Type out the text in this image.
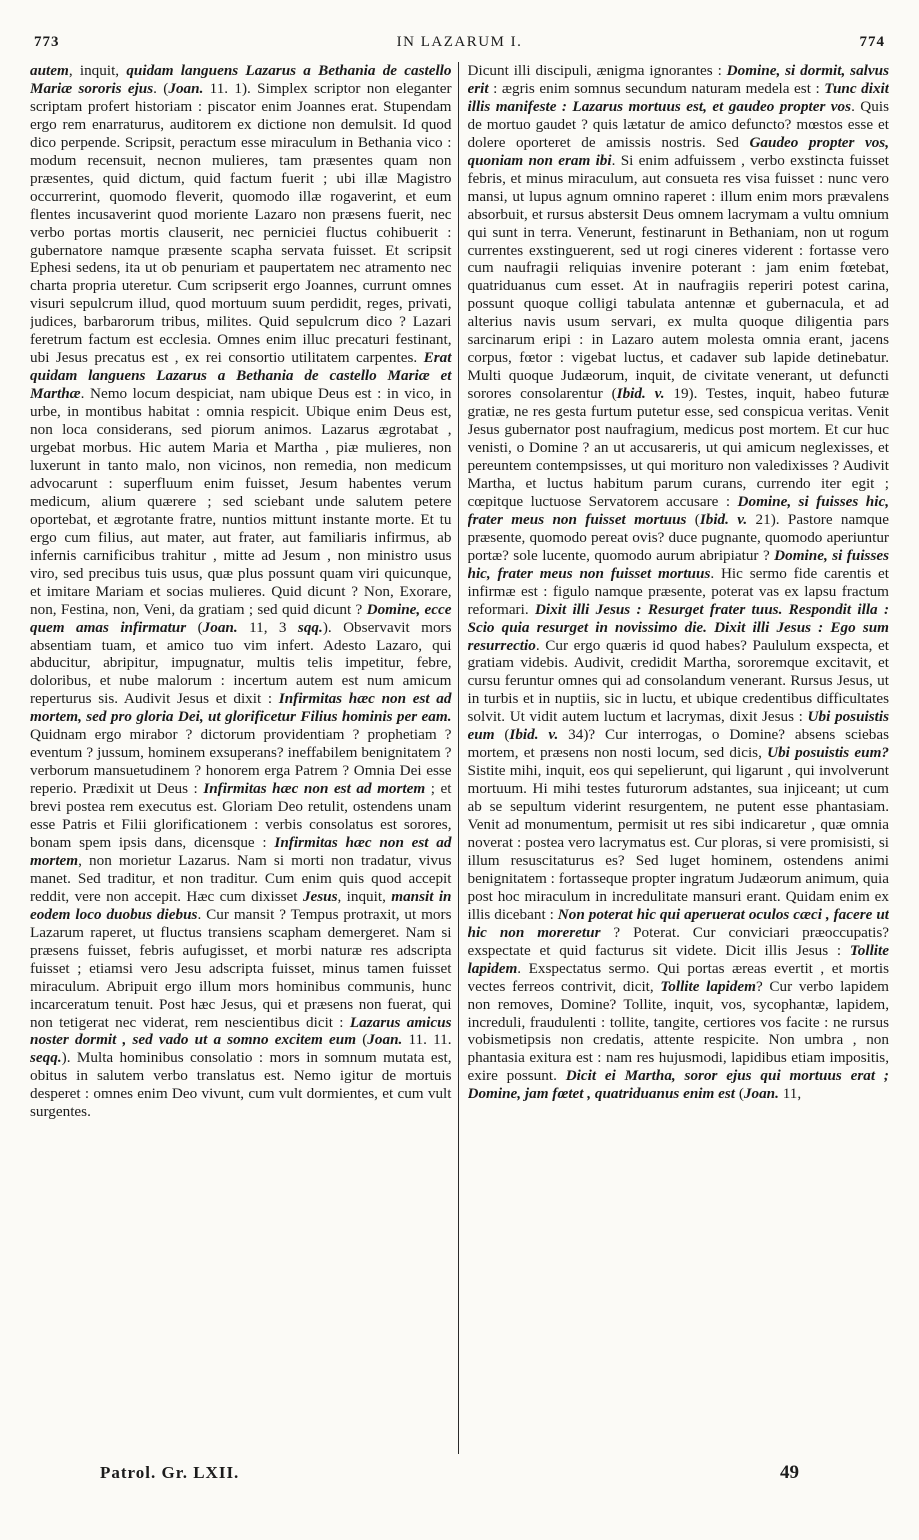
773	IN LAZARUM I.	774

autem, inquit, quidam languens Lazarus a Bethania de castello Mariæ sororis ejus. (Joan. 11. 1). Simplex scriptor non eleganter scriptam profert historiam : piscator enim Joannes erat. Stupendam ergo rem enarraturus, auditorem ex dictione non demulsit. Id quod dico perpende. Scripsit, peractum esse miraculum in Bethania vico : modum recensuit, necnon mulieres, tam præsentes quam non præsentes, quid dictum, quid factum fuerit ; ubi illæ Magistro occurrerint, quomodo fleverit, quomodo illæ rogaverint, et eum flentes incusaverint quod moriente Lazaro non præsens fuerit, nec verbo portas mortis clauserit, nec perniciei fluctus cohibuerit : gubernatore namque præsente scapha servata fuisset. Et scripsit Ephesi sedens, ita ut ob penuriam et paupertatem nec atramento nec charta propria uteretur. Cum scripserit ergo Joannes, currunt omnes visuri sepulcrum illud, quod mortuum suum perdidit, reges, privati, judices, barbarorum tribus, milites. Quid sepulcrum dico ? Lazari feretrum factum est ecclesia. Omnes enim illuc precaturi festinant, ubi Jesus precatus est , ex rei consortio utilitatem carpentes. Erat quidam languens Lazarus a Bethania de castello Mariæ et Marthæ. Nemo locum despiciat, nam ubique Deus est : in vico, in urbe, in montibus habitat : omnia respicit. Ubique enim Deus est, non loca considerans, sed piorum animos. Lazarus ægrotabat , urgebat morbus. Hic autem Maria et Martha , piæ mulieres, non luxerunt in tanto malo, non vicinos, non remedia, non medicum advocarunt : superfluum enim fuisset, Jesum habentes verum medicum, alium quærere ; sed sciebant unde salutem petere oportebat, et ægrotante fratre, nuntios mittunt instante morte. Et tu ergo cum filius, aut mater, aut frater, aut familiaris infirmus, ab infernis carnificibus trahitur , mitte ad Jesum , non ministro usus viro, sed precibus tuis usus, quæ plus possunt quam viri quicunque, et imitare Mariam et socias mulieres. Quid dicunt ? Non, Exorare, non, Festina, non, Veni, da gratiam ; sed quid dicunt ? Domine, ecce quem amas infirmatur (Joan. 11, 3 sqq.). Observavit mors absentiam tuam, et amico tuo vim infert. Adesto Lazaro, qui abducitur, abripitur, impugnatur, multis telis impetitur, febre, doloribus, et nube malorum : incertum autem est num amicum reperturus sis. Audivit Jesus et dixit : Infirmitas hæc non est ad mortem, sed pro gloria Dei, ut glorificetur Filius hominis per eam. Quidnam ergo mirabor ? dictorum providentiam ? prophetiam ? eventum ? jussum, hominem exsuperans? ineffabilem benignitatem ? verborum mansuetudinem ? honorem erga Patrem ? Omnia Dei esse reperio. Prædixit ut Deus : Infirmitas hæc non est ad mortem ; et brevi postea rem executus est. Gloriam Deo retulit, ostendens unam esse Patris et Filii glorificationem : verbis consolatus est sorores, bonam spem ipsis dans, dicensque : Infirmitas hæc non est ad mortem, non morietur Lazarus. Nam si morti non tradatur, vivus manet. Sed traditur, et non traditur. Cum enim quis quod accepit reddit, vere non accepit. Hæc cum dixisset Jesus, inquit, mansit in eodem loco duobus diebus. Cur mansit ? Tempus protraxit, ut mors Lazarum raperet, ut fluctus transiens scapham demergeret. Nam si præsens fuisset, febris aufugisset, et morbi naturæ res adscripta fuisset ; etiamsi vero Jesu adscripta fuisset, minus tamen fuisset miraculum. Abripuit ergo illum mors hominibus communis, hunc incarceratum tenuit. Post hæc Jesus, qui et præsens non fuerat, qui non tetigerat nec viderat, rem nescientibus dicit : Lazarus amicus noster dormit , sed vado ut a somno excitem eum (Joan. 11. 11. seqq.). Multa hominibus consolatio : mors in somnum mutata est, obitus in salutem verbo translatus est. Nemo igitur de mortuis desperet : omnes enim Deo vivunt, cum vult dormientes, et cum vult surgentes.

Dicunt illi discipuli, ænigma ignorantes : Domine, si dormit, salvus erit : ægris enim somnus secundum naturam medela est : Tunc dixit illis manifeste : Lazarus mortuus est, et gaudeo propter vos. Quis de mortuo gaudet ? quis lætatur de amico defuncto? mœstos esse et dolere oporteret de amissis nostris. Sed Gaudeo propter vos, quoniam non eram ibi. Si enim adfuissem , verbo exstincta fuisset febris, et minus miraculum, aut consueta res visa fuisset : nunc vero mansi, ut lupus agnum omnino raperet : illum enim mors prævalens absorbuit, et rursus abstersit Deus omnem lacrymam a vultu omnium qui sunt in terra. Venerunt, festinarunt in Bethaniam, non ut rogum currentes exstinguerent, sed ut rogi cineres viderent : fortasse vero cum naufragii reliquias invenire poterant : jam enim fœtebat, quatriduanus cum esset. At in naufragiis reperiri potest carina, possunt quoque colligi tabulata antennæ et gubernacula, et ad alterius navis usum servari, ex multa quoque diligentia pars sarcinarum eripi : in Lazaro autem molesta omnia erant, jacens corpus, fœtor : vigebat luctus, et cadaver sub lapide detinebatur. Multi quoque Judæorum, inquit, de civitate venerant, ut defuncti sorores consolarentur (Ibid. v. 19). Testes, inquit, habeo futuræ gratiæ, ne res gesta furtum putetur esse, sed conspicua veritas. Venit Jesus gubernator post naufragium, medicus post mortem. Et cur huc venisti, o Domine ? an ut accusareris, ut qui amicum neglexisses, et pereuntem contempsisses, ut qui morituro non valedixisses ? Audivit Martha, et luctus habitum parum curans, currendo iter egit ; cœpitque luctuose Servatorem accusare : Domine, si fuisses hic, frater meus non fuisset mortuus (Ibid. v. 21). Pastore namque præsente, quomodo pereat ovis? duce pugnante, quomodo aperiuntur portæ? sole lucente, quomodo aurum abripiatur ? Domine, si fuisses hic, frater meus non fuisset mortuus. Hic sermo fide carentis et infirmæ est : figulo namque præsente, poterat vas ex lapsu fractum reformari. Dixit illi Jesus : Resurget frater tuus. Respondit illa : Scio quia resurget in novissimo die. Dixit illi Jesus : Ego sum resurrectio. Cur ergo quæris id quod habes? Paululum exspecta, et gratiam videbis. Audivit, credidit Martha, sororemque excitavit, et cursu feruntur omnes qui ad consolandum venerant. Rursus Jesus, ut in turbis et in nuptiis, sic in luctu, et ubique credentibus difficultates solvit. Ut vidit autem luctum et lacrymas, dixit Jesus : Ubi posuistis eum (Ibid. v. 34)? Cur interrogas, o Domine? absens sciebas mortem, et præsens non nosti locum, sed dicis, Ubi posuistis eum? Sistite mihi, inquit, eos qui sepelierunt, qui ligarunt , qui involverunt mortuum. Hi mihi testes futurorum adstantes, sua injiceant; ut cum ab se sepultum viderint resurgentem, ne putent esse phantasiam. Venit ad monumentum, permisit ut res sibi indicaretur , quæ omnia noverat : postea vero lacrymatus est. Cur ploras, si vere promisisti, si illum resuscitaturus es? Sed luget hominem, ostendens animi benignitatem : fortasseque propter ingratum Judæorum animum, quia post hoc miraculum in incredulitate mansuri erant. Quidam enim ex illis dicebant : Non poterat hic qui aperuerat oculos cæci , facere ut hic non moreretur ? Poterat. Cur conviciari præoccupatis? exspectate et quid facturus sit videte. Dicit illis Jesus : Tollite lapidem. Exspectatus sermo. Qui portas æreas evertit , et mortis vectes ferreos contrivit, dicit, Tollite lapidem? Cur verbo lapidem non removes, Domine? Tollite, inquit, vos, sycophantæ, lapidem, increduli, fraudulenti : tollite, tangite, certiores vos facite : ne rursus vobismetipsis non credatis, attente respicite. Non umbra , non phantasia exitura est : nam res hujusmodi, lapidibus etiam impositis, exire possunt. Dicit ei Martha, soror ejus qui mortuus erat ; Domine, jam fœtet , quatriduanus enim est (Joan. 11,

Patrol. Gr. LXII.	49
